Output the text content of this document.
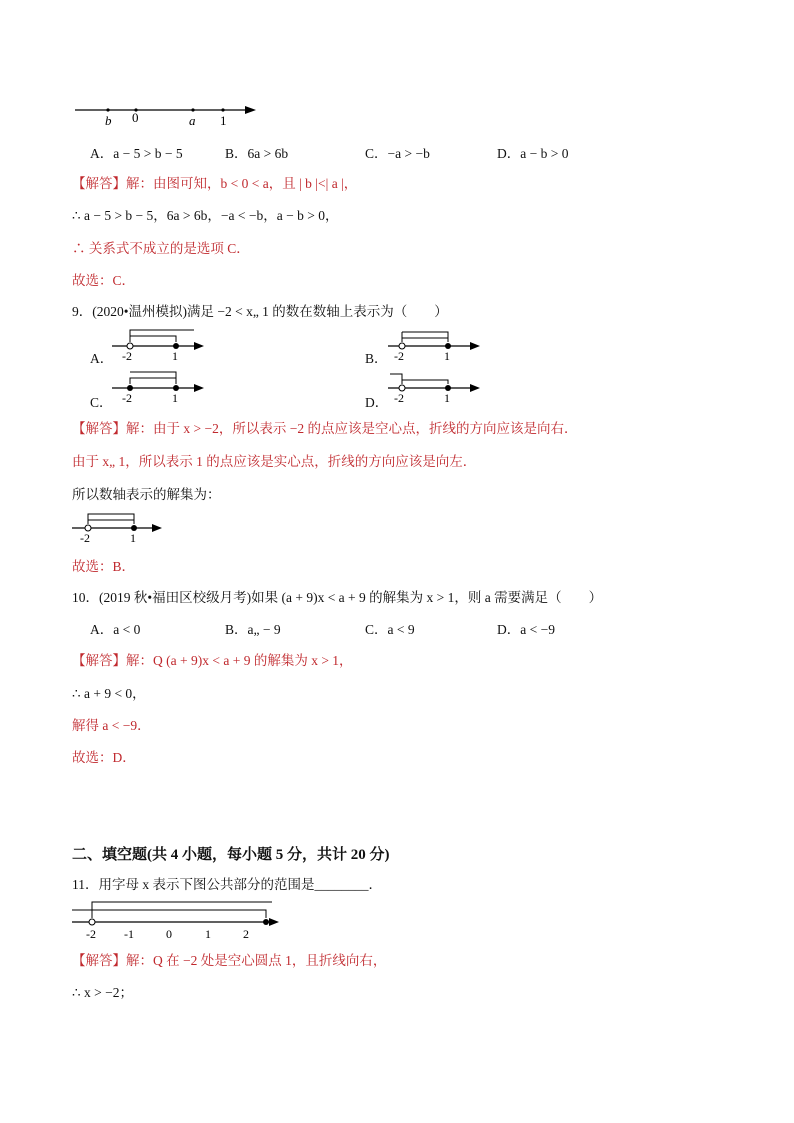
b 0	a 1
A．a − 5 > b − 5	B．6a > 6b	C．−a > −b	D．a − b > 0
【解答】解：由图可知，b < 0 < a，且 | b |<| a |，
∴ a − 5 > b − 5，6a > 6b，−a < −b，a − b > 0，
∴ 关系式不成立的是选项 C．
故选：C．
9．(2020•温州模拟)满足 −2 < x„ 1 的数在数轴上表示为（　　）
A． -2	1	B． -2	1
C． -2	1	D． -2	1
【解答】解：由于 x > −2，所以表示 −2 的点应该是空心点，折线的方向应该是向右．
由于 x„ 1，所以表示 1 的点应该是实心点，折线的方向应该是向左．
所以数轴表示的解集为：
-2	1
故选：B．
10．(2019 秋•福田区校级月考)如果 (a + 9)x < a + 9 的解集为 x > 1，则 a 需要满足（　　）
A．a < 0	B．a„ − 9	C．a < 9	D．a < −9
【解答】解：Q (a + 9)x < a + 9 的解集为 x > 1，
∴ a + 9 < 0，
解得 a < −9．
故选：D．
二、填空题(共 4 小题，每小题 5 分，共计 20 分)
11．用字母 x 表示下图公共部分的范围是________．
-2 -1	0	1	2
【解答】解：Q 在 −2 处是空心圆点 1，且折线向右，
∴ x > −2；
